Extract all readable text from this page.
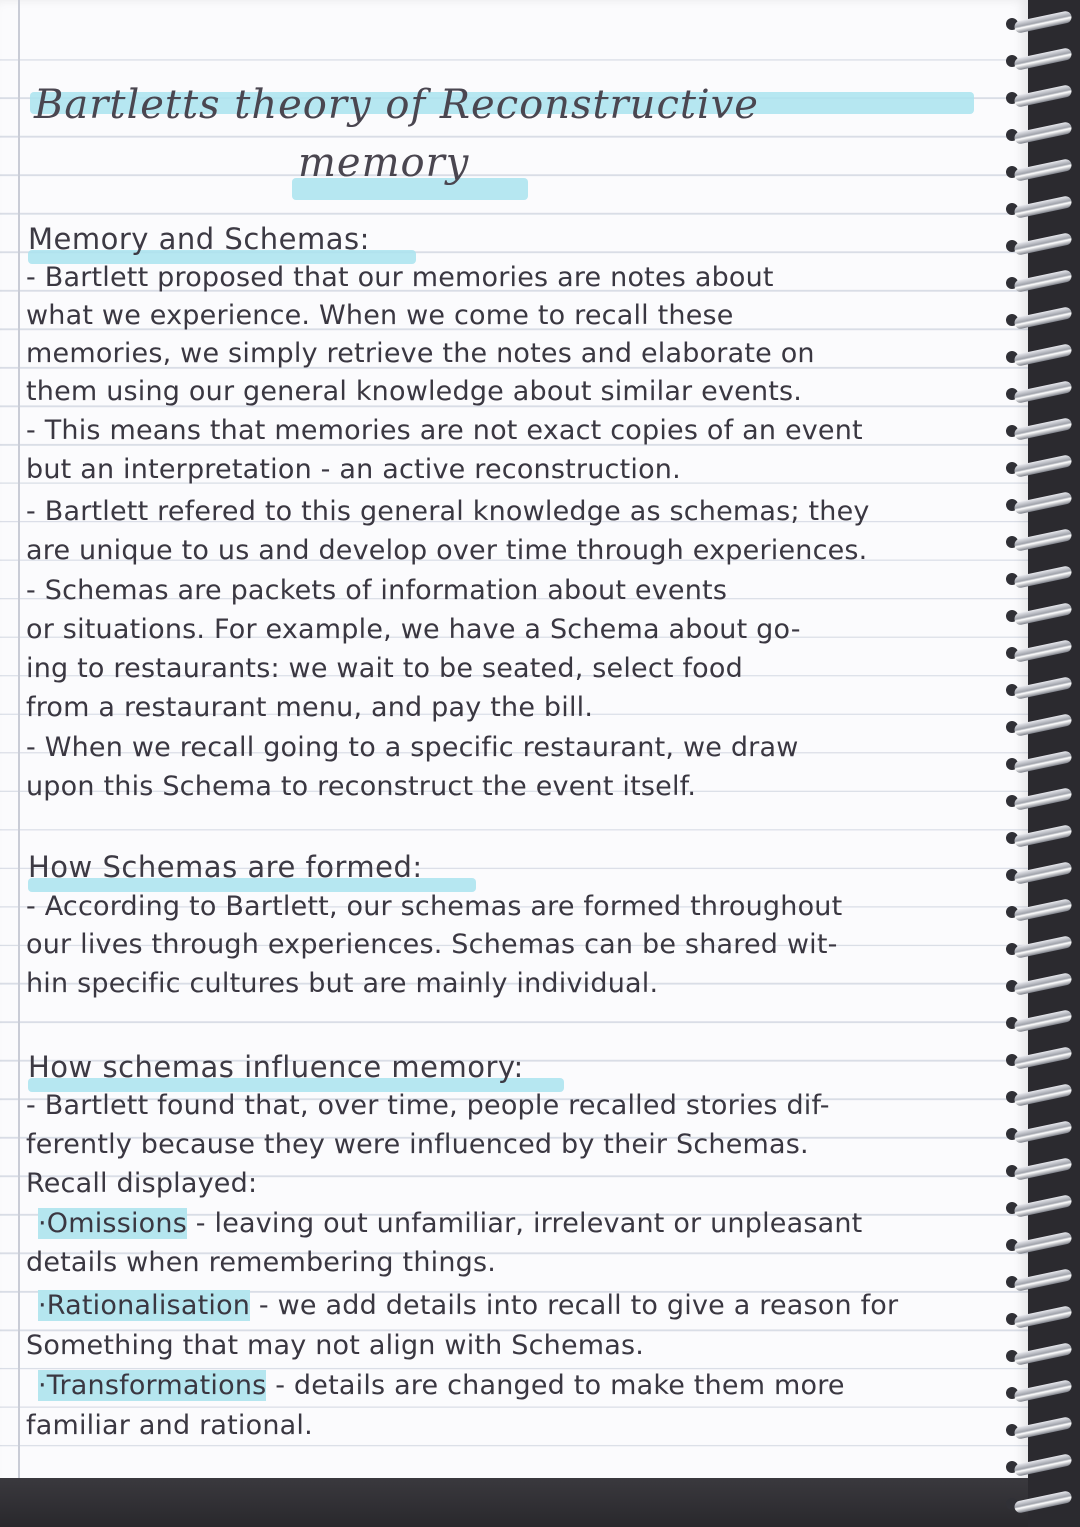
Bartletts theory of Reconstructive
memory
Memory and Schemas:
- Bartlett proposed that our memories are notes about
what we experience. When we come to recall these
memories, we simply retrieve the notes and elaborate on
them using our general knowledge about similar events.
- This means that memories are not exact copies of an event
but an interpretation - an active reconstruction.
- Bartlett refered to this general knowledge as schemas; they
are unique to us and develop over time through experiences.
- Schemas are packets of information about events
or situations. For example, we have a Schema about go-
ing to restaurants: we wait to be seated, select food
from a restaurant menu, and pay the bill.
- When we recall going to a specific restaurant, we draw
upon this Schema to reconstruct the event itself.
How Schemas are formed:
- According to Bartlett, our schemas are formed throughout
our lives through experiences. Schemas can be shared wit-
hin specific cultures but are mainly individual.
How schemas influence memory:
- Bartlett found that, over time, people recalled stories dif-
ferently because they were influenced by their Schemas.
Recall displayed:
·Omissions - leaving out unfamiliar, irrelevant or unpleasant
details when remembering things.
·Rationalisation - we add details into recall to give a reason for
Something that may not align with Schemas.
·Transformations - details are changed to make them more
familiar and rational.
